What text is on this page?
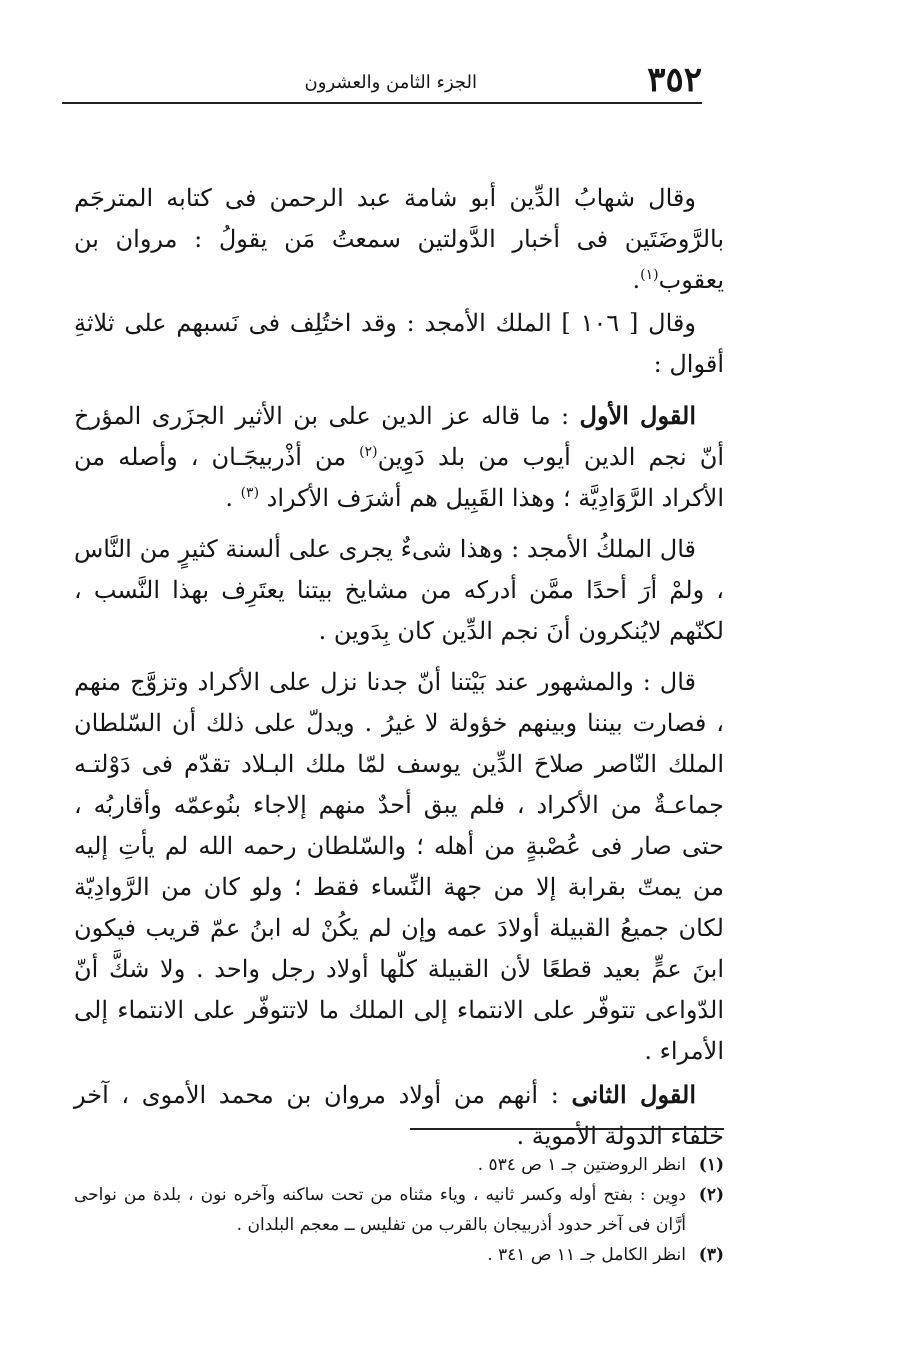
٣٥٢
الجزء الثامن والعشرون

وقال شهابُ الدِّين أبو شامة عبد الرحمن فى كتابه المترجَم بالرَّوضَتَين فى أخبار الدَّولتين سمعتُ مَن يقولُ : مروان بن يعقوب$^{(١)}$.

وقال [ ١٠٦ ] الملك الأمجد : وقد اختُلِف فى نَسبهم على ثلاثةِ أقوال :

القول الأول : ما قاله عز الدين على بن الأثير الجزَرى المؤرخ أنّ نجم الدين أيوب من بلد دَوِين$^{(٢)}$ من أذْربيجَـان ، وأصله من الأكراد الرَّوَادِيَّة ؛ وهذا القَبِيل هم أشرَف الأكراد $^{(٣)}$ .

قال الملكُ الأمجد : وهذا شىءٌ يجرى على ألسنة كثيرٍ من النَّاس ، ولمْ أرَ أحدًا ممَّن أدركه من مشايخ بيتنا يعتَرِف بهذا النَّسب ، لكنّهم لايُنكرون أنَ نجم الدِّين كان بِدَوين .

قال : والمشهور عند بَيْتنا أنّ جدنا نزل على الأكراد وتزوَّج منهم ، فصارت بيننا وبينهم خؤولة لا غيرُ . ويدلّ على ذلك أن السّلطان الملك النّاصر صلاحَ الدِّين يوسف لمّا ملك البـلاد تقدّم فى دَوْلتـه جماعـةٌ من الأكراد ، فلم يبق أحدٌ منهم إلاجاء بنُوعمّه وأقاربُه ، حتى صار فى عُصْبةٍ من أهله ؛ والسّلطان رحمه الله لم يأتِ إليه من يمتّ بقرابة إلا من جهة النِّساء فقط ؛ ولو كان من الرَّوادِيّة لكان جميعُ القبيلة أولادَ عمه وإن لم يكُنْ له ابنُ عمّ قريب فيكون ابنَ عمٍّ بعيد قطعًا لأن القبيلة كلّها أولاد رجل واحد . ولا شكَّ أنّ الدّواعى تتوفّر على الانتماء إلى الملك ما لاتتوفّر على الانتماء إلى الأمراء .

القول الثانى : أنهم من أولاد مروان بن محمد الأموى ، آخر خلفاء الدولة الأموية .

(١)
انظر الروضتين جـ ١ ص ٥٣٤ .
(٢)
دوِين : بفتح أوله وكسر ثانيه ، وياء مثناه من تحت ساكنه وآخره نون ، بلدة من نواحى أرَّان فى آخر حدود أذربيجان بالقرب من تفليس ــ معجم البلدان .
(٣)
انظر الكامل جـ ١١ ص ٣٤١ .
